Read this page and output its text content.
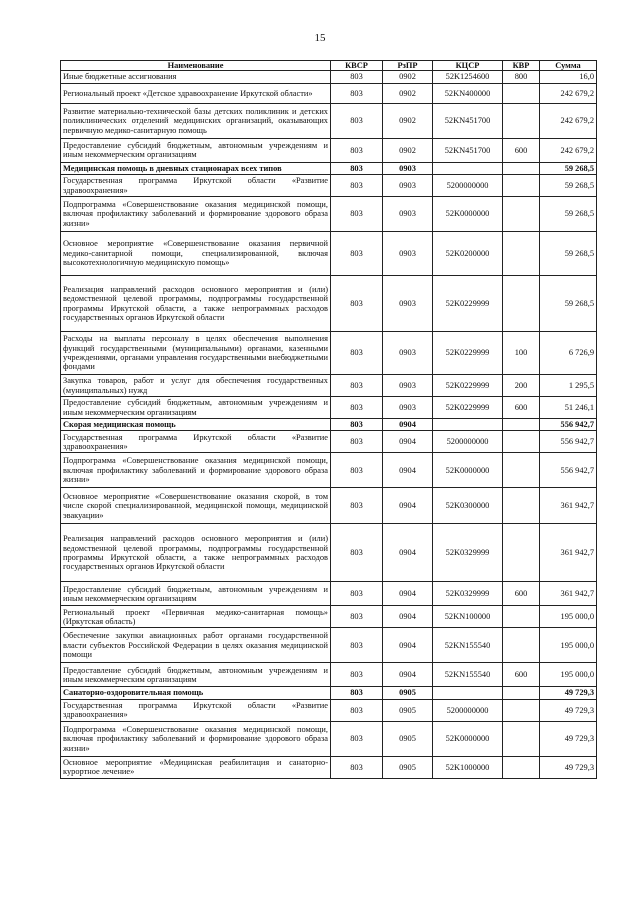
15
Наименование	КВСР	РзПР	КЦСР	КВР	Сумма
Иные бюджетные ассигнования	803	0902	52K1254600	800	16,0
Региональный проект «Детское здравоохранение Иркутской области»	803	0902	52KN400000		242 679,2
Развитие материально-технической базы детских поликлиник и детских поликлинических отделений медицинских организаций, оказывающих первичную медико-санитарную помощь	803	0902	52KN451700		242 679,2
Предоставление субсидий бюджетным, автономным учреждениям и иным некоммерческим организациям	803	0902	52KN451700	600	242 679,2
Медицинская помощь в дневных стационарах всех типов	803	0903			59 268,5
Государственная программа Иркутской области «Развитие здравоохранения»	803	0903	5200000000		59 268,5
Подпрограмма «Совершенствование оказания медицинской помощи, включая профилактику заболеваний и формирование здорового образа жизни»	803	0903	52K0000000		59 268,5
Основное мероприятие «Совершенствование оказания первичной медико-санитарной помощи, специализированной, включая высокотехнологичную медицинскую помощь»	803	0903	52K0200000		59 268,5
Реализация направлений расходов основного мероприятия и (или) ведомственной целевой программы, подпрограммы государственной программы Иркутской области, а также непрограммных расходов государственных органов Иркутской области	803	0903	52K0229999		59 268,5
Расходы на выплаты персоналу в целях обеспечения выполнения функций государственными (муниципальными) органами, казенными учреждениями, органами управления государственными внебюджетными фондами	803	0903	52K0229999	100	6 726,9
Закупка товаров, работ и услуг для обеспечения государственных (муниципальных) нужд	803	0903	52K0229999	200	1 295,5
Предоставление субсидий бюджетным, автономным учреждениям и иным некоммерческим организациям	803	0903	52K0229999	600	51 246,1
Скорая медицинская помощь	803	0904			556 942,7
Государственная программа Иркутской области «Развитие здравоохранения»	803	0904	5200000000		556 942,7
Подпрограмма «Совершенствование оказания медицинской помощи, включая профилактику заболеваний и формирование здорового образа жизни»	803	0904	52K0000000		556 942,7
Основное мероприятие «Совершенствование оказания скорой, в том числе скорой специализированной, медицинской помощи, медицинской эвакуации»	803	0904	52K0300000		361 942,7
Реализация направлений расходов основного мероприятия и (или) ведомственной целевой программы, подпрограммы государственной программы Иркутской области, а также непрограммных расходов государственных органов Иркутской области	803	0904	52K0329999		361 942,7
Предоставление субсидий бюджетным, автономным учреждениям и иным некоммерческим организациям	803	0904	52K0329999	600	361 942,7
Региональный проект «Первичная медико-санитарная помощь» (Иркутская область)	803	0904	52KN100000		195 000,0
Обеспечение закупки авиационных работ органами государственной власти субъектов Российской Федерации в целях оказания медицинской помощи	803	0904	52KN155540		195 000,0
Предоставление субсидий бюджетным, автономным учреждениям и иным некоммерческим организациям	803	0904	52KN155540	600	195 000,0
Санаторно-оздоровительная помощь	803	0905			49 729,3
Государственная программа Иркутской области «Развитие здравоохранения»	803	0905	5200000000		49 729,3
Подпрограмма «Совершенствование оказания медицинской помощи, включая профилактику заболеваний и формирование здорового образа жизни»	803	0905	52K0000000		49 729,3
Основное мероприятие «Медицинская реабилитация и санаторно-курортное лечение»	803	0905	52K1000000		49 729,3
